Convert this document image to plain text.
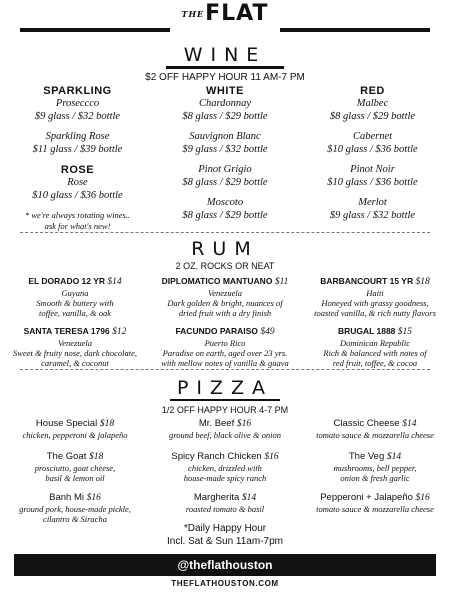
$^{THE}$FLAT
WINE
$2 OFF HAPPY HOUR 11 AM-7 PM
SPARKLING
Proseccco
$9 glass / $32 bottle
Sparkling Rose
$11 glass / $39 bottle
ROSE
Rose
$10 glass / $36 bottle
* we're always rotating wines..
ask for what's new!
WHITE
Chardonnay
$8 glass / $29 bottle
Sauvignon Blanc
$9 glass / $32 bottle
Pinot Grigio
$8 glass / $29 bottle
Moscoto
$8 glass / $29 bottle
RED
Malbec
$8 glass / $29 bottle
Cabernet
$10 glass / $36 bottle
Pinot Noir
$10 glass / $36 bottle
Merlot
$9 glass / $32 bottle
RUM
2 OZ. ROCKS OR NEAT
EL DORADO 12 YR $14
Guyana
Smooth & buttery with
toffee, vanilla, & oak
SANTA TERESA 1796 $12
Venezuela
Sweet & fruity nose, dark chocolate,
caramel, & coconut
DIPLOMATICO MANTUANO $11
Venezuela
Dark golden & bright, nuances of
dried fruit with a dry finish
FACUNDO PARAISO $49
Puerto Rico
Paradise on earth, aged over 23 yrs.
with mellow notes of vanilla & guava
BARBANCOURT 15 YR $18
Haiti
Honeyed with grassy goodness,
toasted vanilla, & rich nutty flavors
BRUGAL 1888 $15
Dominican Republic
Rich & balanced with notes of
red fruit, toffee, & cocoa
PIZZA
1/2 OFF HAPPY HOUR 4-7 PM
House Special $18
chicken, pepperoni & jalapeño
The Goat $18
prosciutto, goat cheese,
basil & lemon oil
Banh Mi $16
ground pork, house-made pickle,
cilantro & Siracha
Mr. Beef $16
ground beef, black olive & onion
Spicy Ranch Chicken $16
chicken, drizzled with
house-made spicy ranch
Margherita $14
roasted tomato & basil
*Daily Happy Hour
Incl. Sat & Sun 11am-7pm
Classic Cheese $14
tomato sauce & mozzarella cheese
The Veg $14
mushrooms, bell pepper,
onion & fresh garlic
Pepperoni + Jalapeño $16
tomato sauce & mozzarella cheese
@theflathouston
THEFLATHOUSTON.COM
